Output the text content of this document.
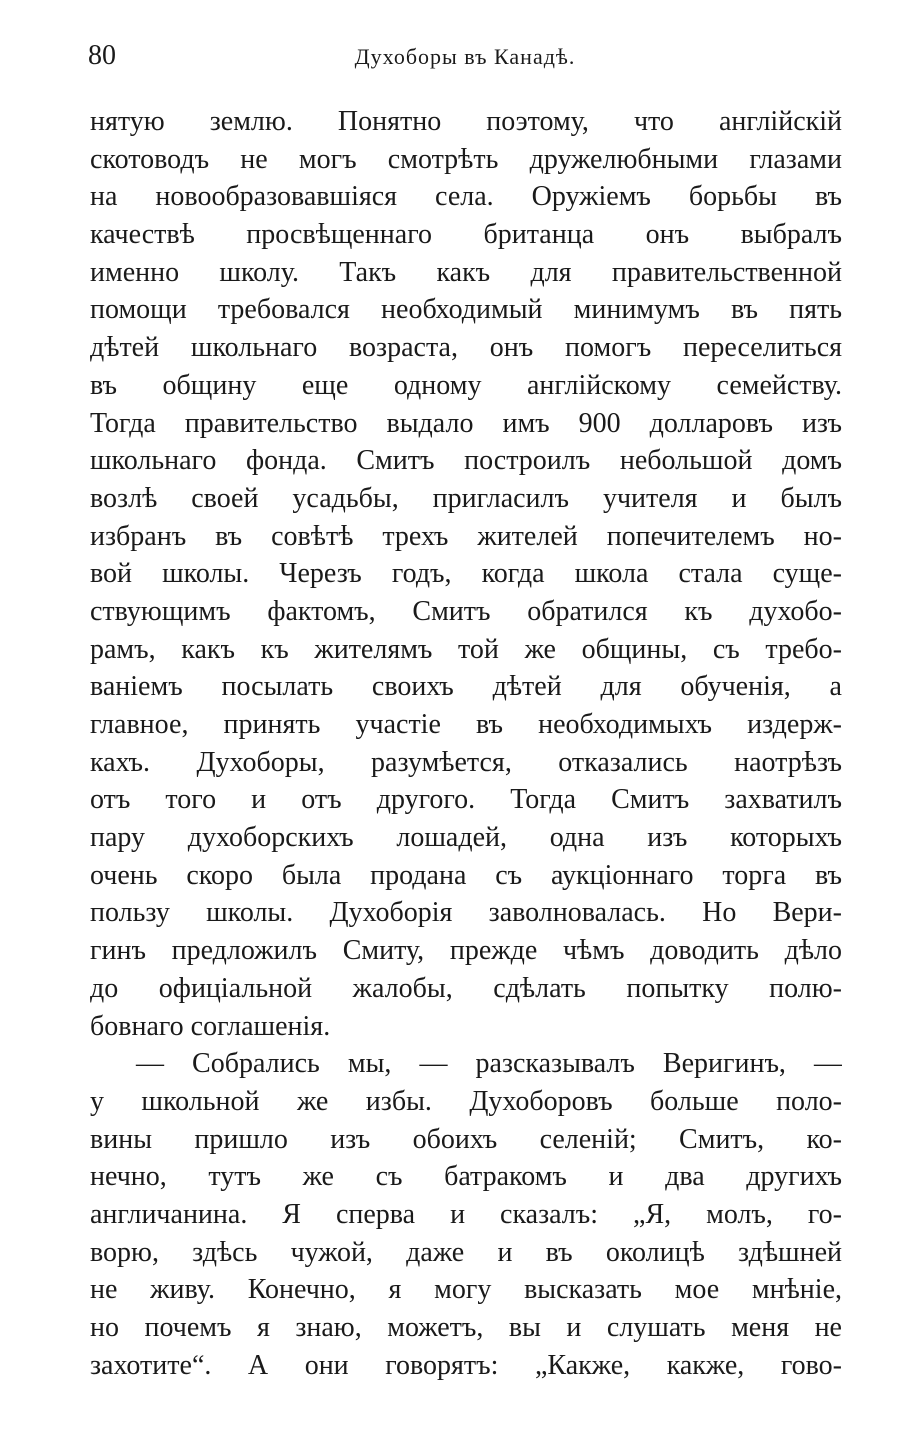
80	Духоборы въ Канадѣ.
нятую землю. Понятно поэтому, что англійскій
скотоводъ не могъ смотрѣть дружелюбными глазами
на новообразовавшіяся села. Оружіемъ борьбы въ
качествѣ просвѣщеннаго британца онъ выбралъ
именно школу. Такъ какъ для правительственной
помощи требовался необходимый минимумъ въ пять
дѣтей школьнаго возраста, онъ помогъ переселиться
въ общину еще одному англійскому семейству.
Тогда правительство выдало имъ 900 долларовъ изъ
школьнаго фонда. Смитъ построилъ небольшой домъ
возлѣ своей усадьбы, пригласилъ учителя и былъ
избранъ въ совѣтѣ трехъ жителей попечителемъ но-
вой школы. Черезъ годъ, когда школа стала суще-
ствующимъ фактомъ, Смитъ обратился къ духобо-
рамъ, какъ къ жителямъ той же общины, съ требо-
ваніемъ посылать своихъ дѣтей для обученія, а
главное, принять участіе въ необходимыхъ издерж-
кахъ. Духоборы, разумѣется, отказались наотрѣзъ
отъ того и отъ другого. Тогда Смитъ захватилъ
пару духоборскихъ лошадей, одна изъ которыхъ
очень скоро была продана съ аукціоннаго торга въ
пользу школы. Духоборія заволновалась. Но Вери-
гинъ предложилъ Смиту, прежде чѣмъ доводить дѣло
до офиціальной жалобы, сдѣлать попытку полю-
бовнаго соглашенія.
— Собрались мы, — разсказывалъ Веригинъ, —
у школьной же избы. Духоборовъ больше поло-
вины пришло изъ обоихъ селеній; Смитъ, ко-
нечно, тутъ же съ батракомъ и два другихъ
англичанина. Я сперва и сказалъ: „Я, молъ, го-
ворю, здѣсь чужой, даже и въ околицѣ здѣшней
не живу. Конечно, я могу высказать мое мнѣніе,
но почемъ я знаю, можетъ, вы и слушать меня не
захотите“. А они говорятъ: „Какже, какже, гово-
